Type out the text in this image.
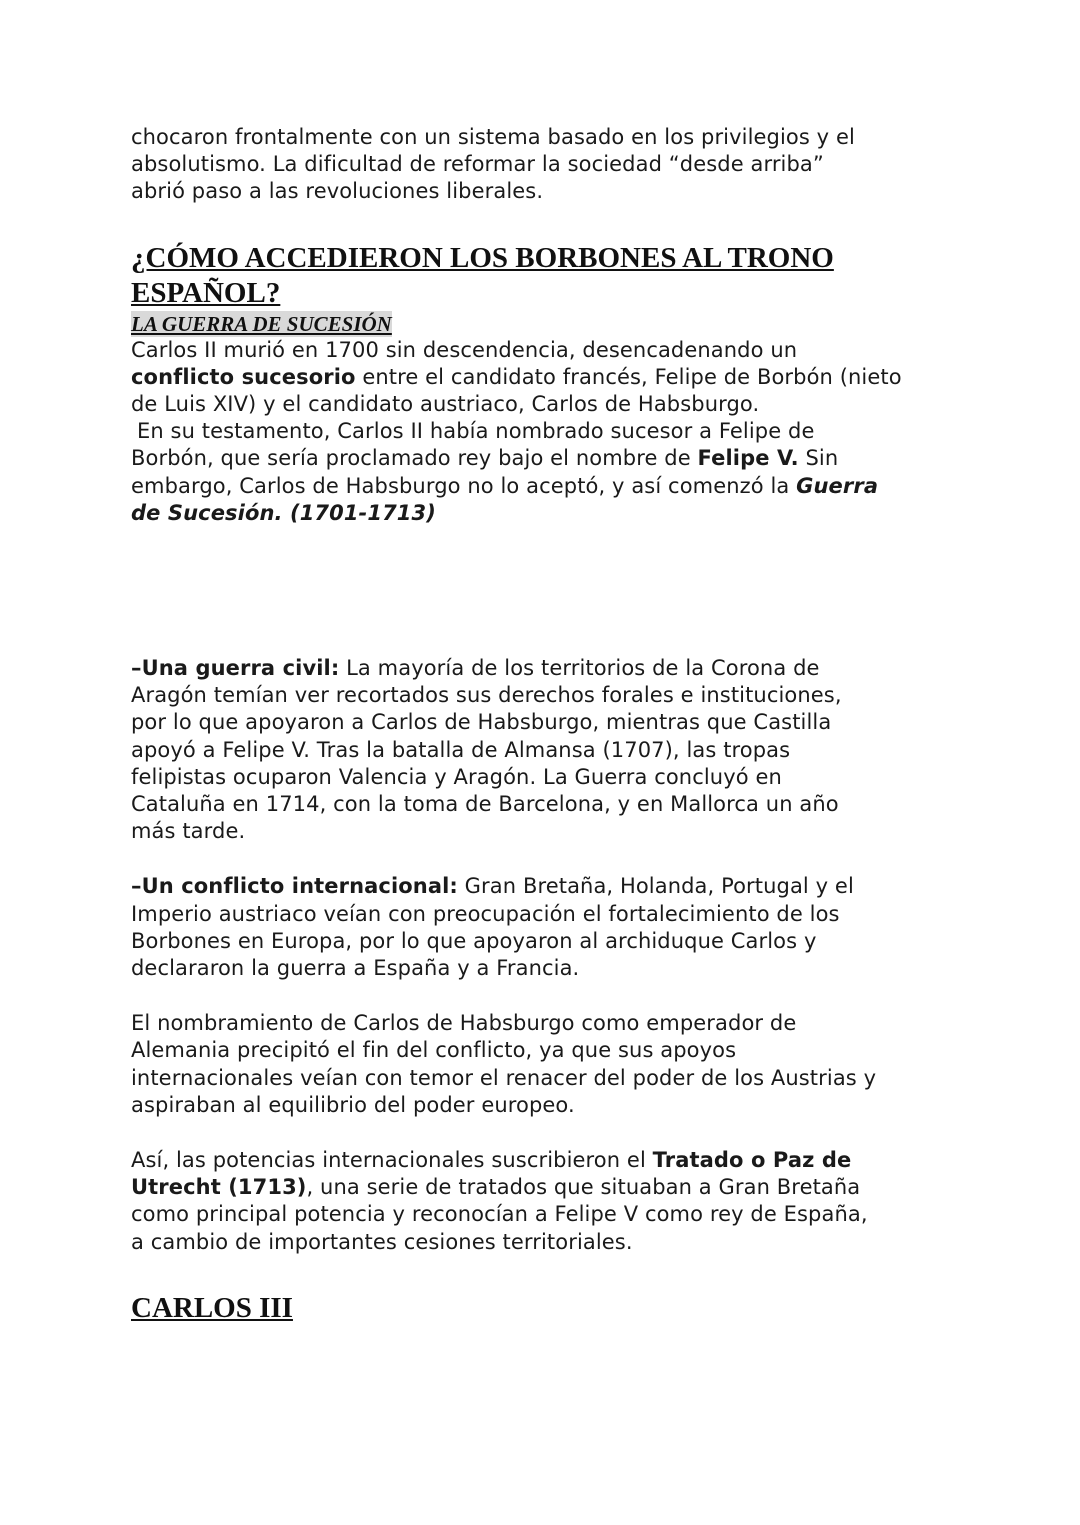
chocaron frontalmente con un sistema basado en los privilegios y el

absolutismo. La dificultad de reformar la sociedad “desde arriba”

abrió paso a las revoluciones liberales.

¿CÓMO ACCEDIERON LOS BORBONES AL TRONO
ESPAÑOL?
LA GUERRA DE SUCESIÓN

Carlos II murió en 1700 sin descendencia, desencadenando un

conflicto sucesorio entre el candidato francés, Felipe de Borbón (nieto

de Luis XIV) y el candidato austriaco, Carlos de Habsburgo.

En su testamento, Carlos II había nombrado sucesor a Felipe de

Borbón, que sería proclamado rey bajo el nombre de Felipe V. Sin

embargo, Carlos de Habsburgo no lo aceptó, y así comenzó la Guerra

de Sucesión. (1701-1713)

–Una guerra civil: La mayoría de los territorios de la Corona de

Aragón temían ver recortados sus derechos forales e instituciones,

por lo que apoyaron a Carlos de Habsburgo, mientras que Castilla

apoyó a Felipe V. Tras la batalla de Almansa (1707), las tropas

felipistas ocuparon Valencia y Aragón. La Guerra concluyó en

Cataluña en 1714, con la toma de Barcelona, y en Mallorca un año

más tarde.

–Un conflicto internacional: Gran Bretaña, Holanda, Portugal y el

Imperio austriaco veían con preocupación el fortalecimiento de los

Borbones en Europa, por lo que apoyaron al archiduque Carlos y

declararon la guerra a España y a Francia.

El nombramiento de Carlos de Habsburgo como emperador de

Alemania precipitó el fin del conflicto, ya que sus apoyos

internacionales veían con temor el renacer del poder de los Austrias y

aspiraban al equilibrio del poder europeo.

Así, las potencias internacionales suscribieron el Tratado o Paz de

Utrecht (1713), una serie de tratados que situaban a Gran Bretaña

como principal potencia y reconocían a Felipe V como rey de España,

a cambio de importantes cesiones territoriales.

CARLOS III
